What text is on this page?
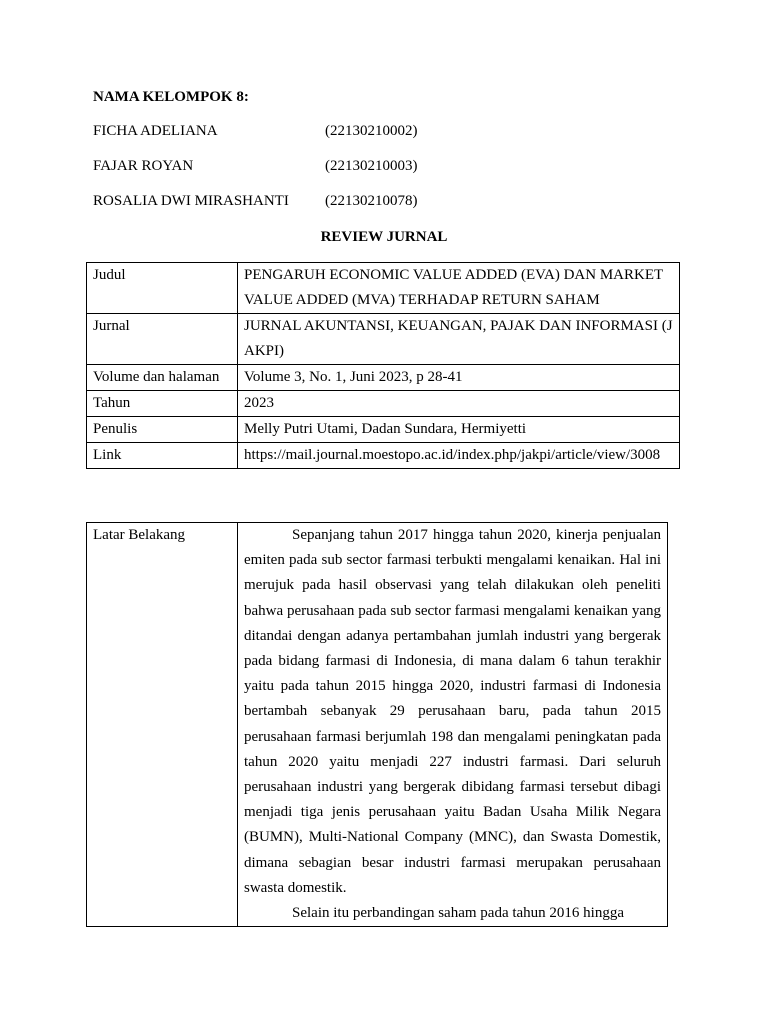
NAMA KELOMPOK 8:
FICHA ADELIANA	(22130210002)
FAJAR ROYAN	(22130210003)
ROSALIA DWI MIRASHANTI (22130210078)
REVIEW JURNAL
Judul	PENGARUH ECONOMIC VALUE ADDED (EVA) DAN MARKET VALUE ADDED (MVA) TERHADAP RETURN SAHAM
Jurnal	JURNAL AKUNTANSI, KEUANGAN, PAJAK DAN INFORMASI (JAKPI)
Volume dan halaman	Volume 3, No. 1, Juni 2023, p 28-41
Tahun	2023
Penulis	Melly Putri Utami, Dadan Sundara, Hermiyetti
Link	https://mail.journal.moestopo.ac.id/index.php/jakpi/article/view/3008
Latar Belakang	Sepanjang tahun 2017 hingga tahun 2020, kinerja penjualan emiten pada sub sector farmasi terbukti mengalami kenaikan. Hal ini merujuk pada hasil observasi yang telah dilakukan oleh peneliti bahwa perusahaan pada sub sector farmasi mengalami kenaikan yang ditandai dengan adanya pertambahan jumlah industri yang bergerak pada bidang farmasi di Indonesia, di mana dalam 6 tahun terakhir yaitu pada tahun 2015 hingga 2020, industri farmasi di Indonesia bertambah sebanyak 29 perusahaan baru, pada tahun 2015 perusahaan farmasi berjumlah 198 dan mengalami peningkatan pada tahun 2020 yaitu menjadi 227 industri farmasi. Dari seluruh perusahaan industri yang bergerak dibidang farmasi tersebut dibagi menjadi tiga jenis perusahaan yaitu Badan Usaha Milik Negara (BUMN), Multi-National Company (MNC), dan Swasta Domestik, dimana sebagian besar industri farmasi merupakan perusahaan swasta domestik.

Selain itu perbandingan saham pada tahun 2016 hingga
